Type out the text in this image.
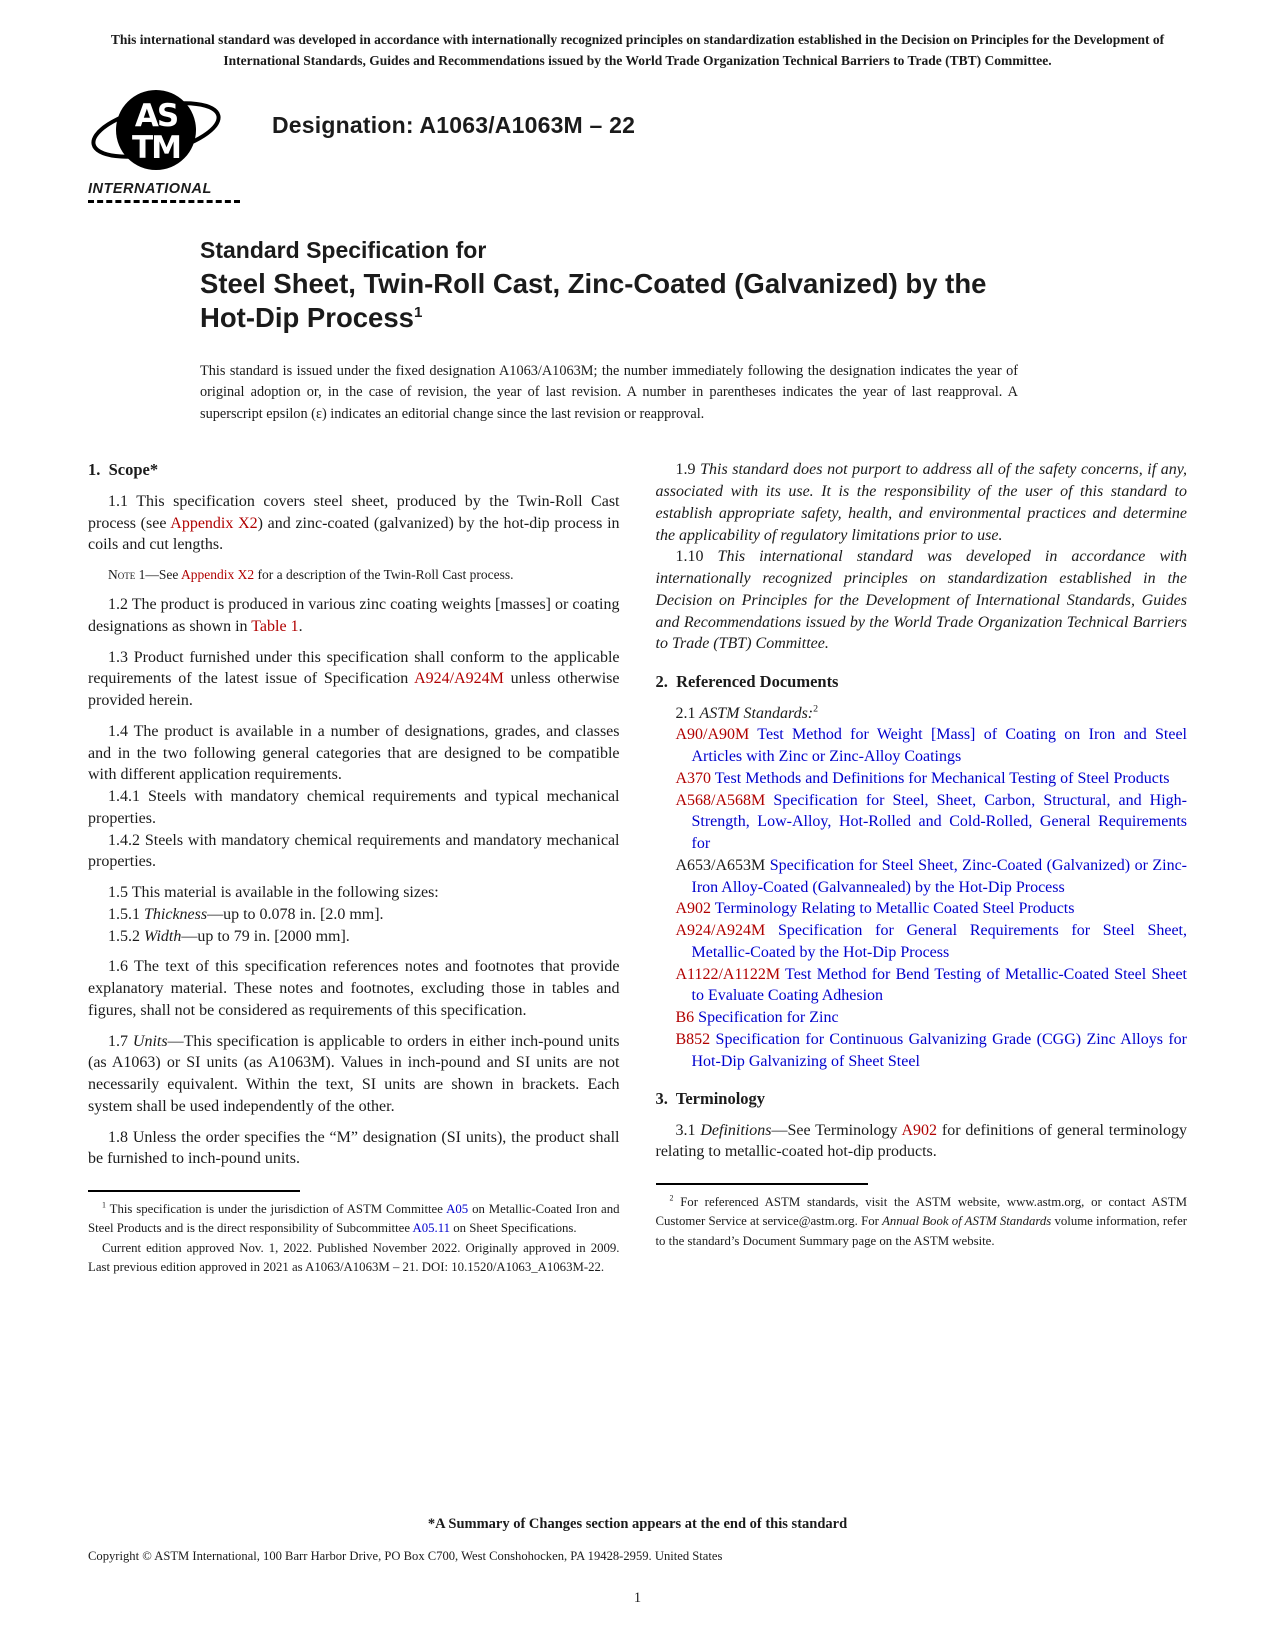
This international standard was developed in accordance with internationally recognized principles on standardization established in the Decision on Principles for the Development of International Standards, Guides and Recommendations issued by the World Trade Organization Technical Barriers to Trade (TBT) Committee.
AS
TM
INTERNATIONAL
Designation: A1063/A1063M – 22
Standard Specification for
Steel Sheet, Twin-Roll Cast, Zinc-Coated (Galvanized) by the Hot-Dip Process$^1$
This standard is issued under the fixed designation A1063/A1063M; the number immediately following the designation indicates the year of original adoption or, in the case of revision, the year of last revision. A number in parentheses indicates the year of last reapproval. A superscript epsilon (ε) indicates an editorial change since the last revision or reapproval.
1.  Scope*

1.1 This specification covers steel sheet, produced by the Twin-Roll Cast process (see Appendix X2) and zinc-coated (galvanized) by the hot-dip process in coils and cut lengths.

Note 1—See Appendix X2 for a description of the Twin-Roll Cast process.

1.2 The product is produced in various zinc coating weights [masses] or coating designations as shown in Table 1.

1.3 Product furnished under this specification shall conform to the applicable requirements of the latest issue of Specification A924/A924M unless otherwise provided herein.

1.4 The product is available in a number of designations, grades, and classes and in the two following general categories that are designed to be compatible with different application requirements.

1.4.1 Steels with mandatory chemical requirements and typical mechanical properties.

1.4.2 Steels with mandatory chemical requirements and mandatory mechanical properties.

1.5 This material is available in the following sizes:

1.5.1 Thickness—up to 0.078 in. [2.0 mm].

1.5.2 Width—up to 79 in. [2000 mm].

1.6 The text of this specification references notes and footnotes that provide explanatory material. These notes and footnotes, excluding those in tables and figures, shall not be considered as requirements of this specification.

1.7 Units—This specification is applicable to orders in either inch-pound units (as A1063) or SI units (as A1063M). Values in inch-pound and SI units are not necessarily equivalent. Within the text, SI units are shown in brackets. Each system shall be used independently of the other.

1.8 Unless the order specifies the “M” designation (SI units), the product shall be furnished to inch-pound units.

$^1$ This specification is under the jurisdiction of ASTM Committee A05 on Metallic-Coated Iron and Steel Products and is the direct responsibility of Subcommittee A05.11 on Sheet Specifications.

Current edition approved Nov. 1, 2022. Published November 2022. Originally approved in 2009. Last previous edition approved in 2021 as A1063/A1063M – 21. DOI: 10.1520/A1063_A1063M-22.

1.9 This standard does not purport to address all of the safety concerns, if any, associated with its use. It is the responsibility of the user of this standard to establish appropriate safety, health, and environmental practices and determine the applicability of regulatory limitations prior to use.

1.10 This international standard was developed in accordance with internationally recognized principles on standardization established in the Decision on Principles for the Development of International Standards, Guides and Recommendations issued by the World Trade Organization Technical Barriers to Trade (TBT) Committee.

2.  Referenced Documents

2.1 ASTM Standards:$^2$

A90/A90M Test Method for Weight [Mass] of Coating on Iron and Steel Articles with Zinc or Zinc-Alloy Coatings

A370 Test Methods and Definitions for Mechanical Testing of Steel Products

A568/A568M Specification for Steel, Sheet, Carbon, Structural, and High-Strength, Low-Alloy, Hot-Rolled and Cold-Rolled, General Requirements for

A653/A653M Specification for Steel Sheet, Zinc-Coated (Galvanized) or Zinc-Iron Alloy-Coated (Galvannealed) by the Hot-Dip Process

A902 Terminology Relating to Metallic Coated Steel Products

A924/A924M Specification for General Requirements for Steel Sheet, Metallic-Coated by the Hot-Dip Process

A1122/A1122M Test Method for Bend Testing of Metallic-Coated Steel Sheet to Evaluate Coating Adhesion

B6 Specification for Zinc

B852 Specification for Continuous Galvanizing Grade (CGG) Zinc Alloys for Hot-Dip Galvanizing of Sheet Steel

3.  Terminology

3.1 Definitions—See Terminology A902 for definitions of general terminology relating to metallic-coated hot-dip products.

$^2$ For referenced ASTM standards, visit the ASTM website, www.astm.org, or contact ASTM Customer Service at service@astm.org. For Annual Book of ASTM Standards volume information, refer to the standard’s Document Summary page on the ASTM website.

*A Summary of Changes section appears at the end of this standard
Copyright © ASTM International, 100 Barr Harbor Drive, PO Box C700, West Conshohocken, PA 19428-2959. United States
1
